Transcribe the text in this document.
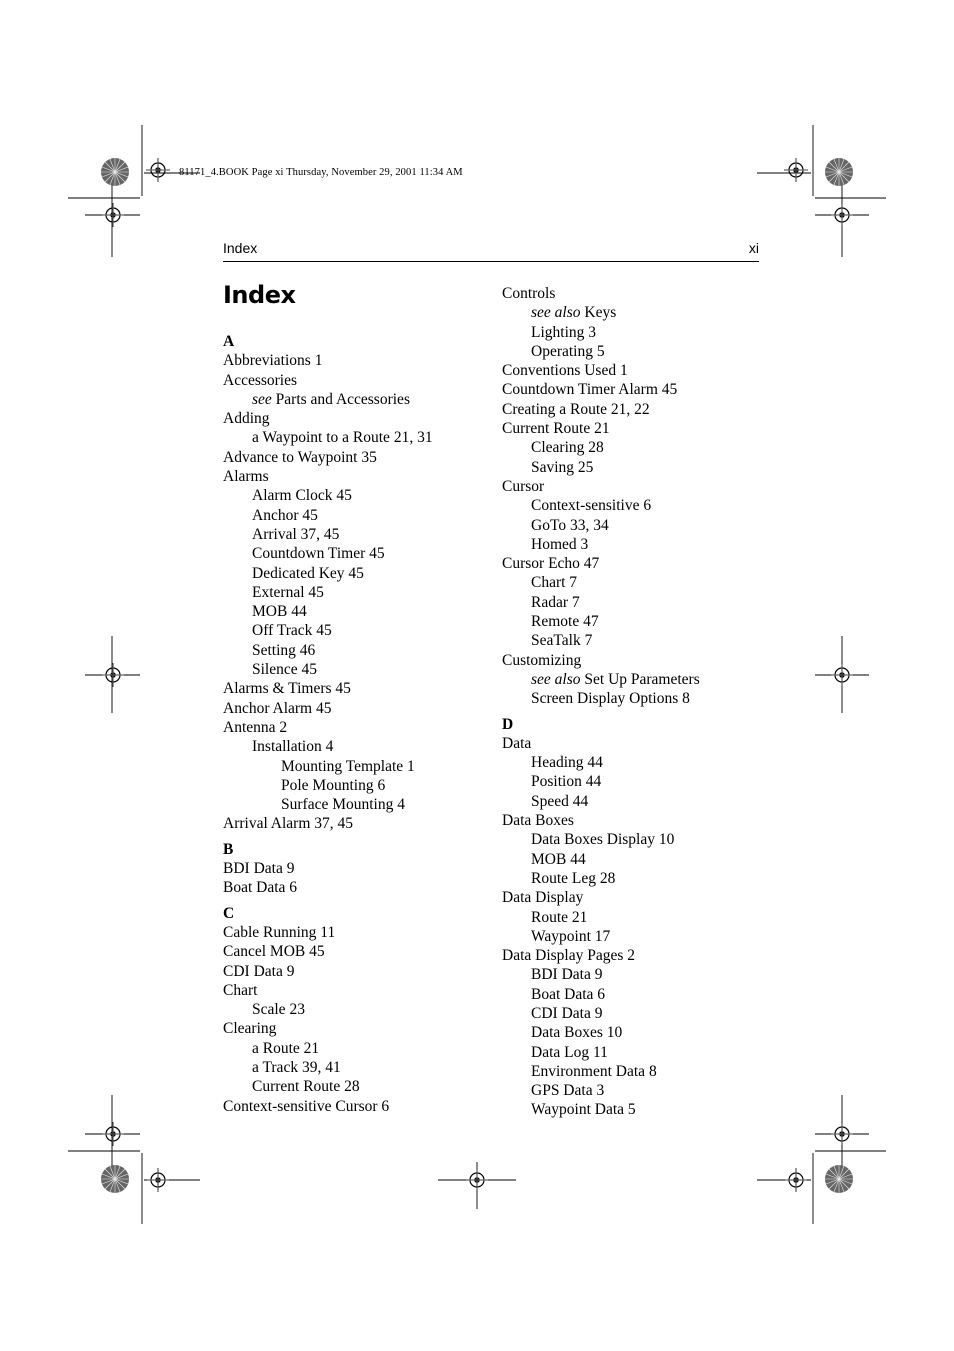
81171_4.BOOK Page xi Thursday, November 29, 2001 11:34 AM
Index	xi
Index
A
Abbreviations 1
Accessories
see Parts and Accessories
Adding
a Waypoint to a Route 21, 31
Advance to Waypoint 35
Alarms
Alarm Clock 45
Anchor 45
Arrival 37, 45
Countdown Timer 45
Dedicated Key 45
External 45
MOB 44
Off Track 45
Setting 46
Silence 45
Alarms & Timers 45
Anchor Alarm 45
Antenna 2
Installation 4
Mounting Template 1
Pole Mounting 6
Surface Mounting 4
Arrival Alarm 37, 45
B
BDI Data 9
Boat Data 6
C
Cable Running 11
Cancel MOB 45
CDI Data 9
Chart
Scale 23
Clearing
a Route 21
a Track 39, 41
Current Route 28
Context-sensitive Cursor 6
Controls
see also Keys
Lighting 3
Operating 5
Conventions Used 1
Countdown Timer Alarm 45
Creating a Route 21, 22
Current Route 21
Clearing 28
Saving 25
Cursor
Context-sensitive 6
GoTo 33, 34
Homed 3
Cursor Echo 47
Chart 7
Radar 7
Remote 47
SeaTalk 7
Customizing
see also Set Up Parameters
Screen Display Options 8
D
Data
Heading 44
Position 44
Speed 44
Data Boxes
Data Boxes Display 10
MOB 44
Route Leg 28
Data Display
Route 21
Waypoint 17
Data Display Pages 2
BDI Data 9
Boat Data 6
CDI Data 9
Data Boxes 10
Data Log 11
Environment Data 8
GPS Data 3
Waypoint Data 5
